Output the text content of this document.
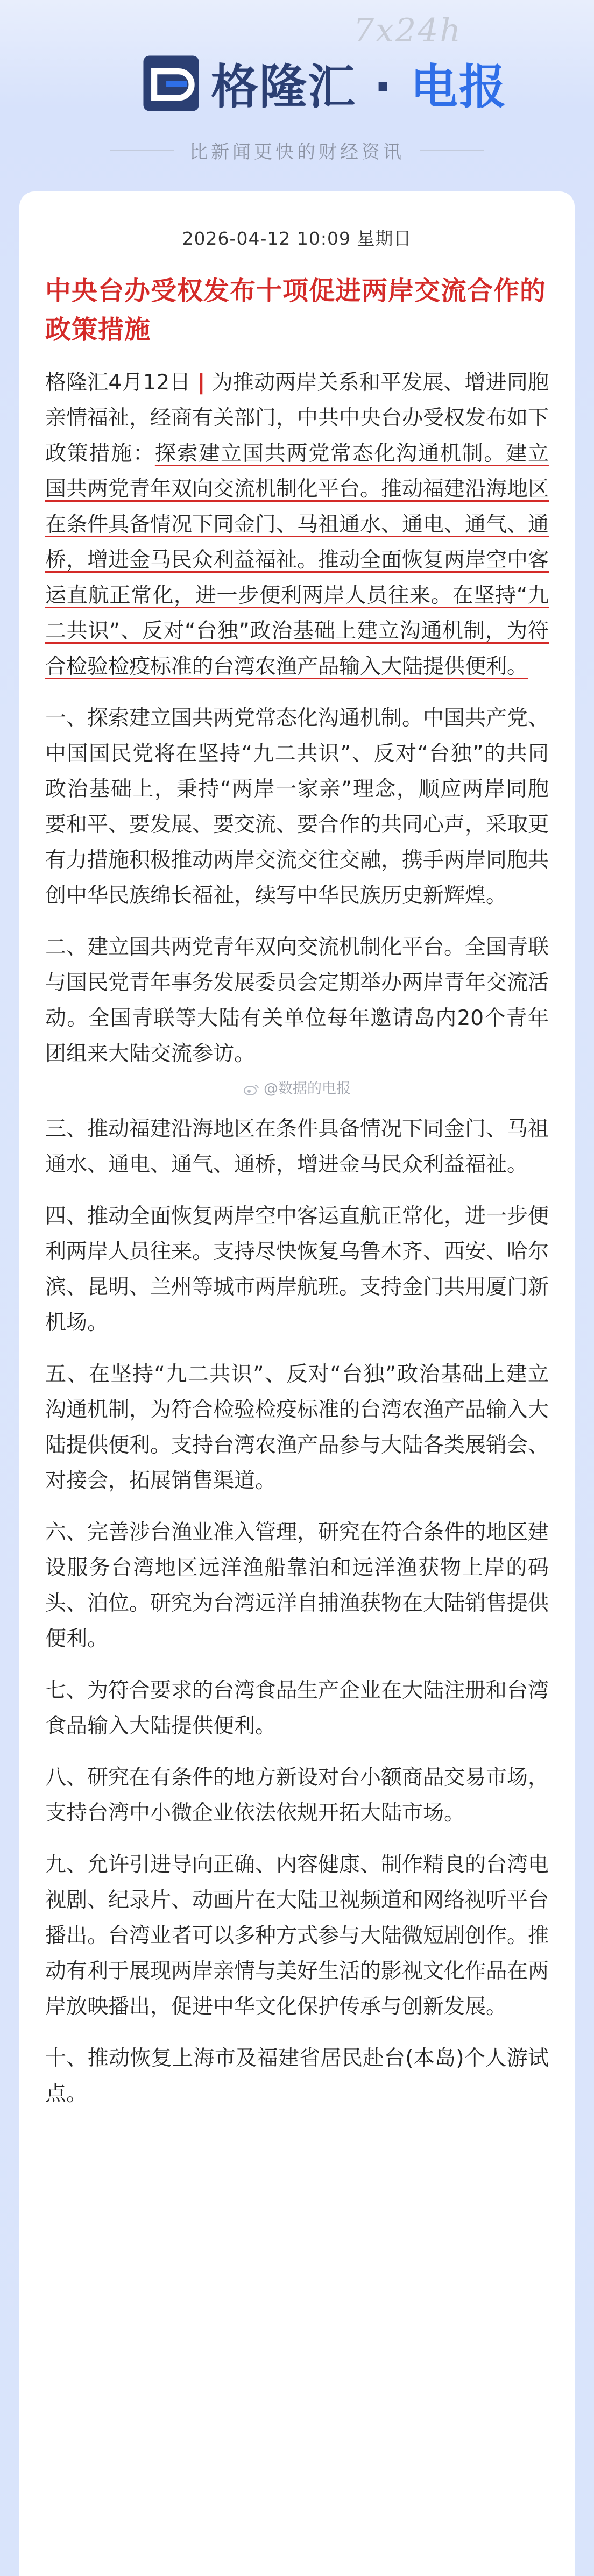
7x24h
格隆汇 · 电报
比新闻更快的财经资讯
2026-04-12 10:09 星期日
中央台办受权发布十项促进两岸交流合作的政策措施

格隆汇4月12日 | 为推动两岸关系和平发展、增进同胞亲情福祉，经商有关部门，中共中央台办受权发布如下政策措施：探索建立国共两党常态化沟通机制。建立国共两党青年双向交流机制化平台。推动福建沿海地区在条件具备情况下同金门、马祖通水、通电、通气、通桥，增进金马民众利益福祉。推动全面恢复两岸空中客运直航正常化，进一步便利两岸人员往来。在坚持“九二共识”、反对“台独”政治基础上建立沟通机制，为符合检验检疫标准的台湾农渔产品输入大陆提供便利。

一、探索建立国共两党常态化沟通机制。中国共产党、中国国民党将在坚持“九二共识”、反对“台独”的共同政治基础上，秉持“两岸一家亲”理念，顺应两岸同胞要和平、要发展、要交流、要合作的共同心声，采取更有力措施积极推动两岸交流交往交融，携手两岸同胞共创中华民族绵长福祉，续写中华民族历史新辉煌。

二、建立国共两党青年双向交流机制化平台。全国青联与国民党青年事务发展委员会定期举办两岸青年交流活动。全国青联等大陆有关单位每年邀请岛内20个青年团组来大陆交流参访。

@数据的电报

三、推动福建沿海地区在条件具备情况下同金门、马祖通水、通电、通气、通桥，增进金马民众利益福祉。

四、推动全面恢复两岸空中客运直航正常化，进一步便利两岸人员往来。支持尽快恢复乌鲁木齐、西安、哈尔滨、昆明、兰州等城市两岸航班。支持金门共用厦门新机场。

五、在坚持“九二共识”、反对“台独”政治基础上建立沟通机制，为符合检验检疫标准的台湾农渔产品输入大陆提供便利。支持台湾农渔产品参与大陆各类展销会、对接会，拓展销售渠道。

六、完善涉台渔业准入管理，研究在符合条件的地区建设服务台湾地区远洋渔船靠泊和远洋渔获物上岸的码头、泊位。研究为台湾远洋自捕渔获物在大陆销售提供便利。

七、为符合要求的台湾食品生产企业在大陆注册和台湾食品输入大陆提供便利。

八、研究在有条件的地方新设对台小额商品交易市场，支持台湾中小微企业依法依规开拓大陆市场。

九、允许引进导向正确、内容健康、制作精良的台湾电视剧、纪录片、动画片在大陆卫视频道和网络视听平台播出。台湾业者可以多种方式参与大陆微短剧创作。推动有利于展现两岸亲情与美好生活的影视文化作品在两岸放映播出，促进中华文化保护传承与创新发展。

十、推动恢复上海市及福建省居民赴台(本岛)个人游试点。
